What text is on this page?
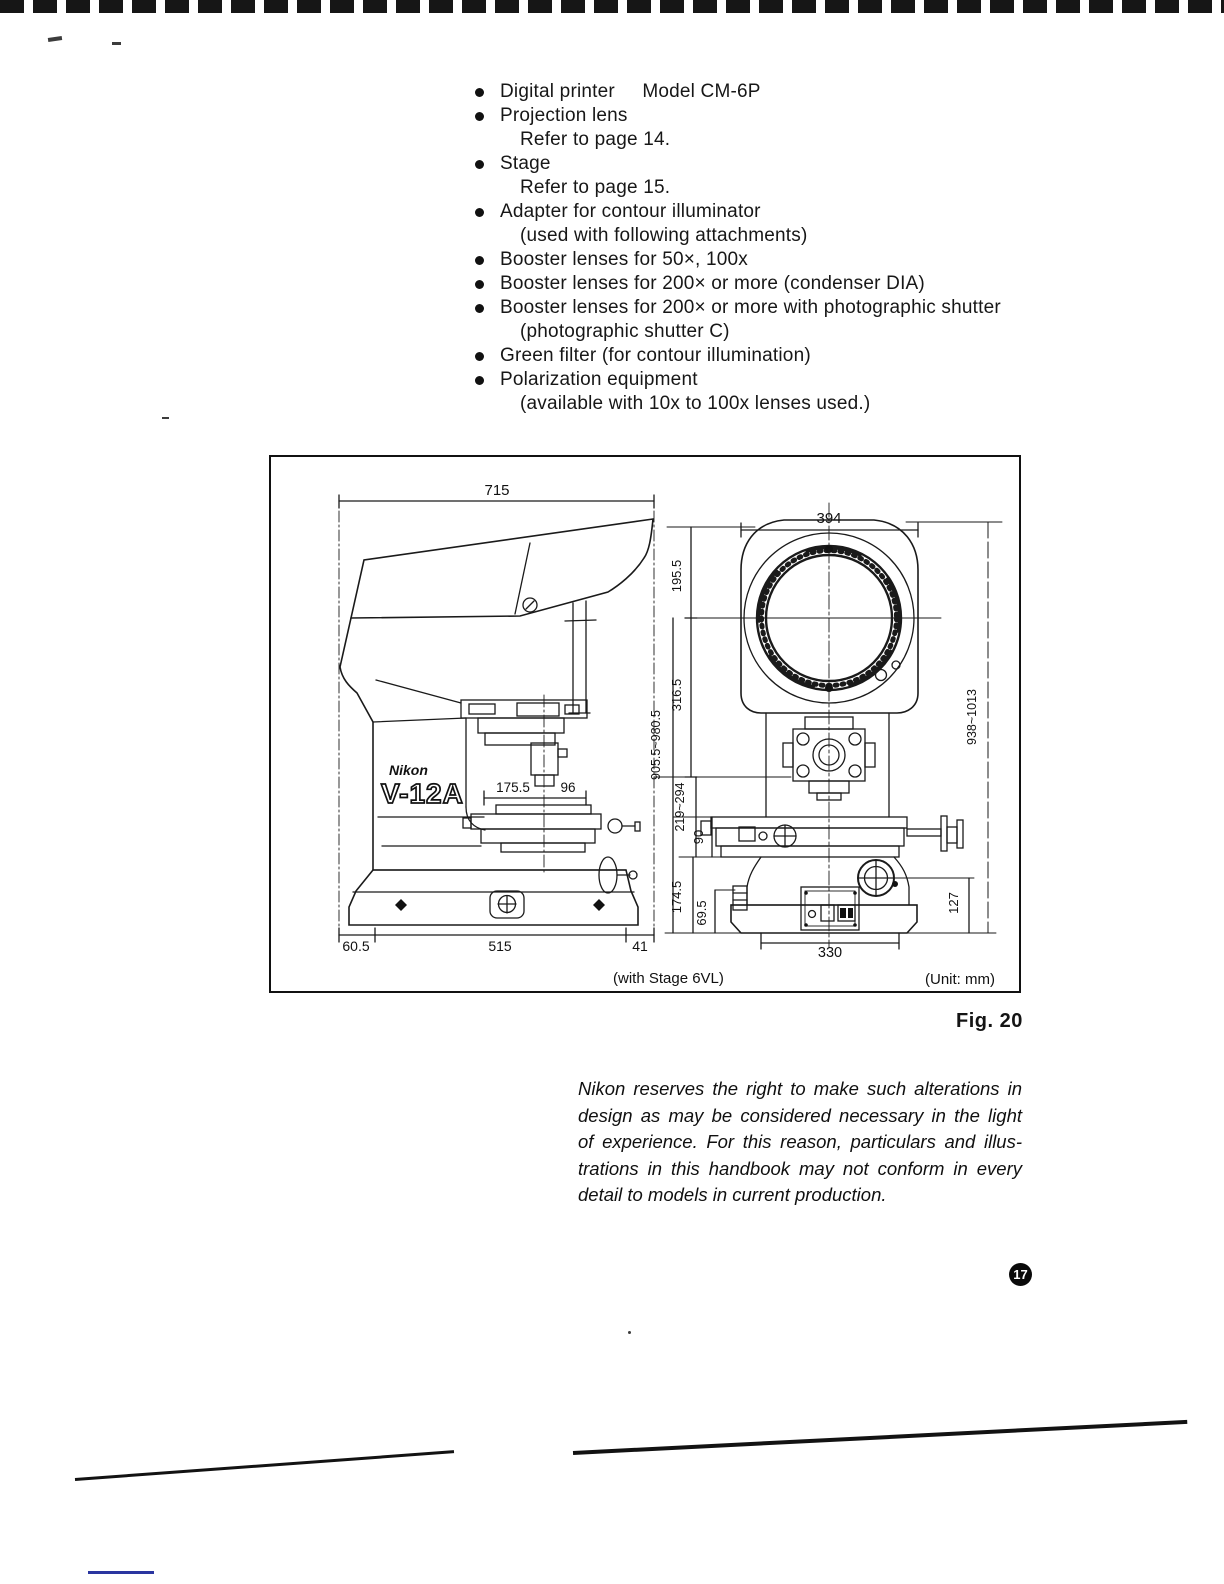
Digital printer     Model CM-6P
Projection lens
Refer to page 14.
Stage
Refer to page 15.
Adapter for contour illuminator
(used with following attachments)
Booster lenses for 50×, 100x
Booster lenses for 200× or more (condenser DIA)
Booster lenses for 200× or more with photographic shutter
(photographic shutter C)
Green filter (for contour illumination)
Polarization equipment
(available with 10x to 100x lenses used.)
715
394
175.5 96
60.5	515	41	330
195.5
316.5
905.5~980.5	938~1013
219~294
90
174.5 69.5	127
Nikon
V-12A
(with Stage 6VL)	(Unit: mm)
Fig. 20
Nikon reserves the right to make such alterations in
design as may be considered necessary in the light
of experience. For this reason, particulars and illus-
trations in this handbook may not conform in every
detail to models in current production.
17
